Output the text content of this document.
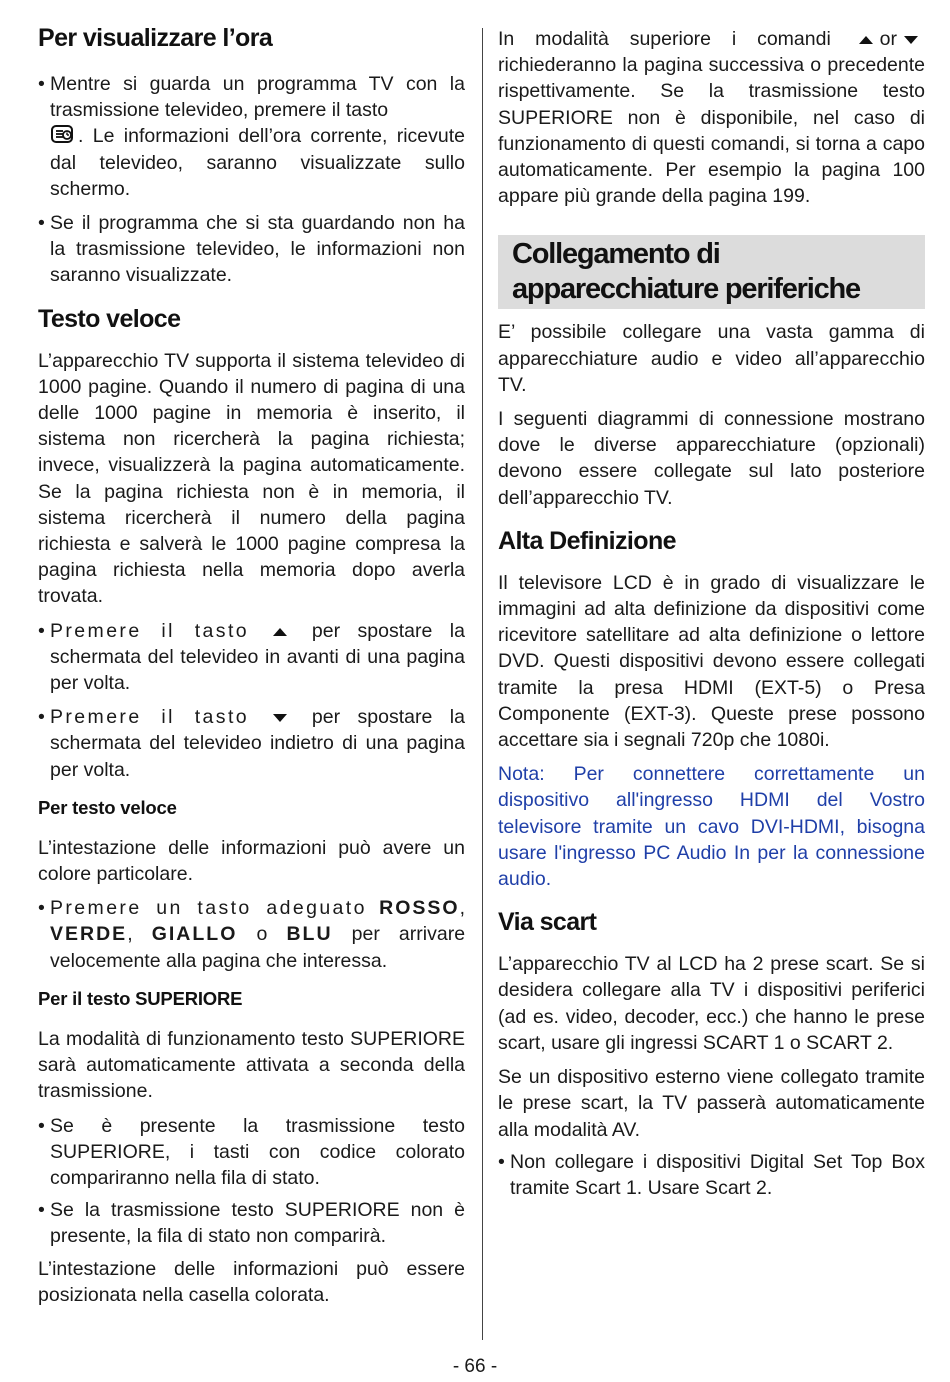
Per visualizzare l’ora
• Mentre si guarda un programma TV con la trasmissione televideo, premere il tasto
. Le informazioni dell’ora corrente, ricevute dal televideo, saranno visualizzate sullo schermo.
• Se il programma che si sta guardando non ha la trasmissione televideo, le informazioni non saranno visualizzate.
Testo veloce

L’apparecchio TV supporta il sistema televideo di 1000 pagine. Quando il numero di pagina di una delle 1000 pagine in memoria è inserito, il sistema non ricercherà la pagina richiesta; invece, visualizzerà la pagina automaticamente. Se la pagina richiesta non è in memoria, il sistema ricercherà il numero della pagina richiesta e salverà le 1000 pagine compresa la pagina richiesta nella memoria dopo averla trovata.

• Premere il tasto	per spostare la schermata del televideo in avanti di una pagina per volta.
• Premere il tasto	per spostare la schermata del televideo indietro di una pagina per volta.
Per testo veloce

L’intestazione delle informazioni può avere un colore particolare.

• Premere un tasto adeguato ROSSO, VERDE, GIALLO o BLU per arrivare velocemente alla pagina che interessa.
Per il testo SUPERIORE

La modalità di funzionamento testo SUPERIORE sarà automaticamente attivata a seconda della trasmissione.

• Se è presente la trasmissione testo SUPERIORE, i tasti con codice colorato compariranno nella fila di stato.
• Se la trasmissione testo SUPERIORE non è presente, la fila di stato non comparirà.

L’intestazione delle informazioni può essere posizionata nella casella colorata.

In modalità superiore i comandi	or richiederanno la pagina successiva o precedente rispettivamente. Se la trasmissione testo SUPERIORE non è disponibile, nel caso di funzionamento di questi comandi, si torna a capo automaticamente. Per esempio la pagina 100 appare più grande della pagina 199.

Collegamento di
apparecchiature periferiche

E’ possibile collegare una vasta gamma di apparecchiature audio e video all’apparecchio TV.

I seguenti diagrammi di connessione mostrano dove le diverse apparecchiature (opzionali) devono essere collegate sul lato posteriore dell’apparecchio TV.

Alta Definizione

Il televisore LCD è in grado di visualizzare le immagini ad alta definizione da dispositivi come ricevitore satellitare ad alta definizione o lettore DVD. Questi dispositivi devono essere collegati tramite la presa HDMI (EXT-5) o Presa Componente (EXT-3). Queste prese possono accettare sia i segnali 720p che 1080i.

Nota: Per connettere correttamente un dispositivo all'ingresso HDMI del Vostro televisore tramite un cavo DVI-HDMI, bisogna usare l'ingresso PC Audio In per la connessione audio.

Via scart

L’apparecchio TV al LCD ha 2 prese scart. Se si desidera collegare alla TV i dispositivi periferici (ad es. video, decoder, ecc.) che hanno le prese scart, usare gli ingressi SCART 1 o SCART 2.

Se un dispositivo esterno viene collegato tramite le prese scart, la TV passerà automaticamente alla modalità AV.

• Non collegare i dispositivi Digital Set Top Box tramite Scart 1. Usare Scart 2.
- 66 -
